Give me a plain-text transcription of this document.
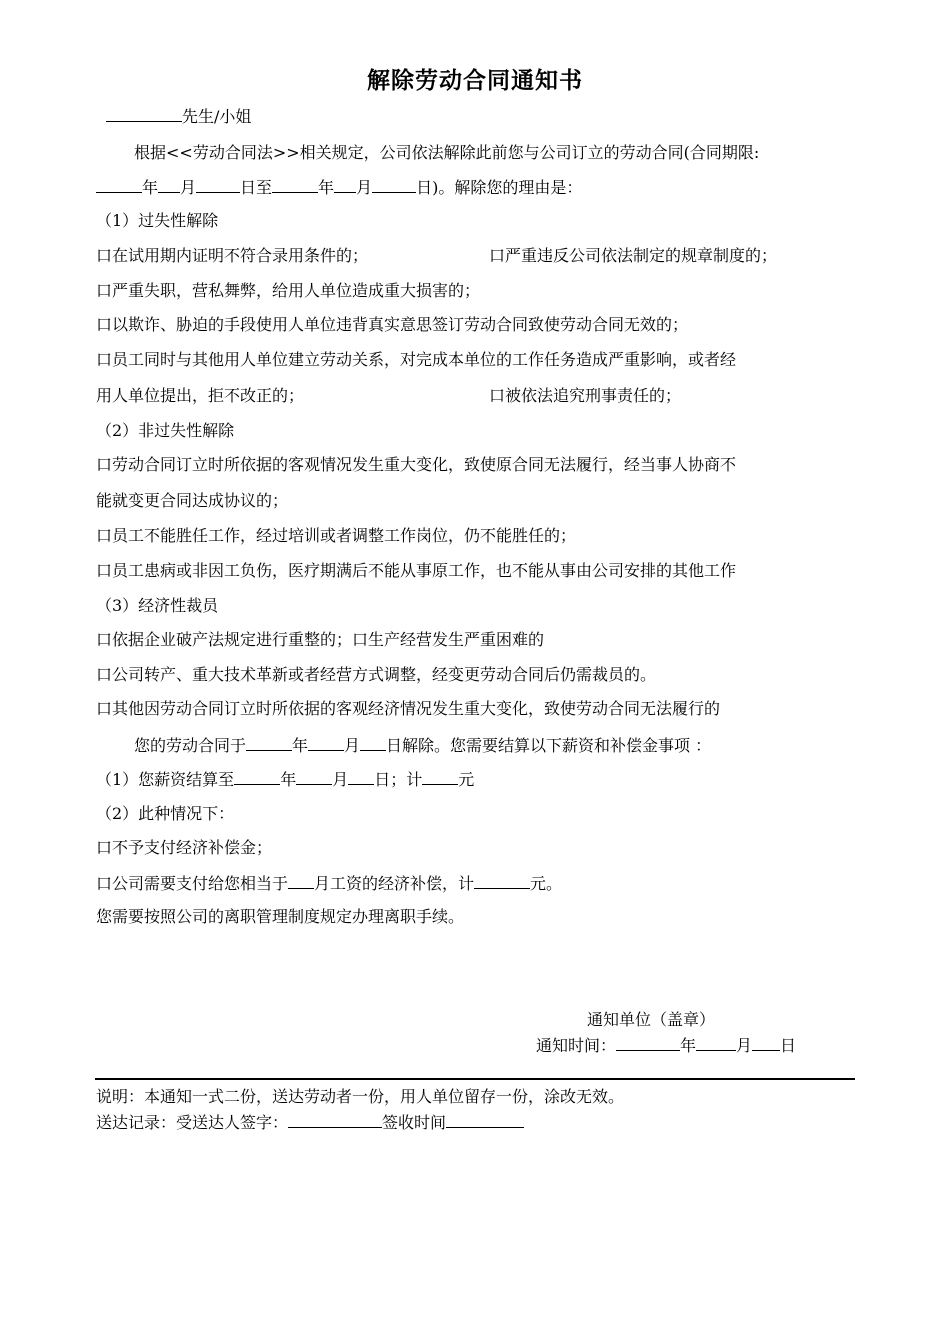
解除劳动合同通知书
先生/小姐
根据<<劳动合同法>>相关规定，公司依法解除此前您与公司订立的劳动合同(合同期限:
年 月	日至	年 月	日)。解除您的理由是：
（1）过失性解除
口在试用期内证明不符合录用条件的；	口严重违反公司依法制定的规章制度的；
口严重失职，营私舞弊，给用人单位造成重大损害的；
口以欺诈、胁迫的手段使用人单位违背真实意思签订劳动合同致使劳动合同无效的；
口员工同时与其他用人单位建立劳动关系，对完成本单位的工作任务造成严重影响，或者经
用人单位提出，拒不改正的；	口被依法追究刑事责任的；
（2）非过失性解除
口劳动合同订立时所依据的客观情况发生重大变化，致使原合同无法履行，经当事人协商不
能就变更合同达成协议的；
口员工不能胜任工作，经过培训或者调整工作岗位，仍不能胜任的；
口员工患病或非因工负伤，医疗期满后不能从事原工作，也不能从事由公司安排的其他工作
（3）经济性裁员
口依据企业破产法规定进行重整的；口生产经营发生严重困难的
口公司转产、重大技术革新或者经营方式调整，经变更劳动合同后仍需裁员的。
口其他因劳动合同订立时所依据的客观经济情况发生重大变化，致使劳动合同无法履行的
您的劳动合同于	年 月 日解除。您需要结算以下薪资和补偿金事项 ：
（1）您薪资结算至	年 月 日；计 元
（2）此种情况下：
口不予支付经济补偿金；
口公司需要支付给您相当于 月工资的经济补偿，计	元。
您需要按照公司的离职管理制度规定办理离职手续。
通知单位（盖章）
通知时间：	年	月 日
说明：本通知一式二份，送达劳动者一份，用人单位留存一份，涂改无效。
送达记录：受送达人签字：	签收时间
